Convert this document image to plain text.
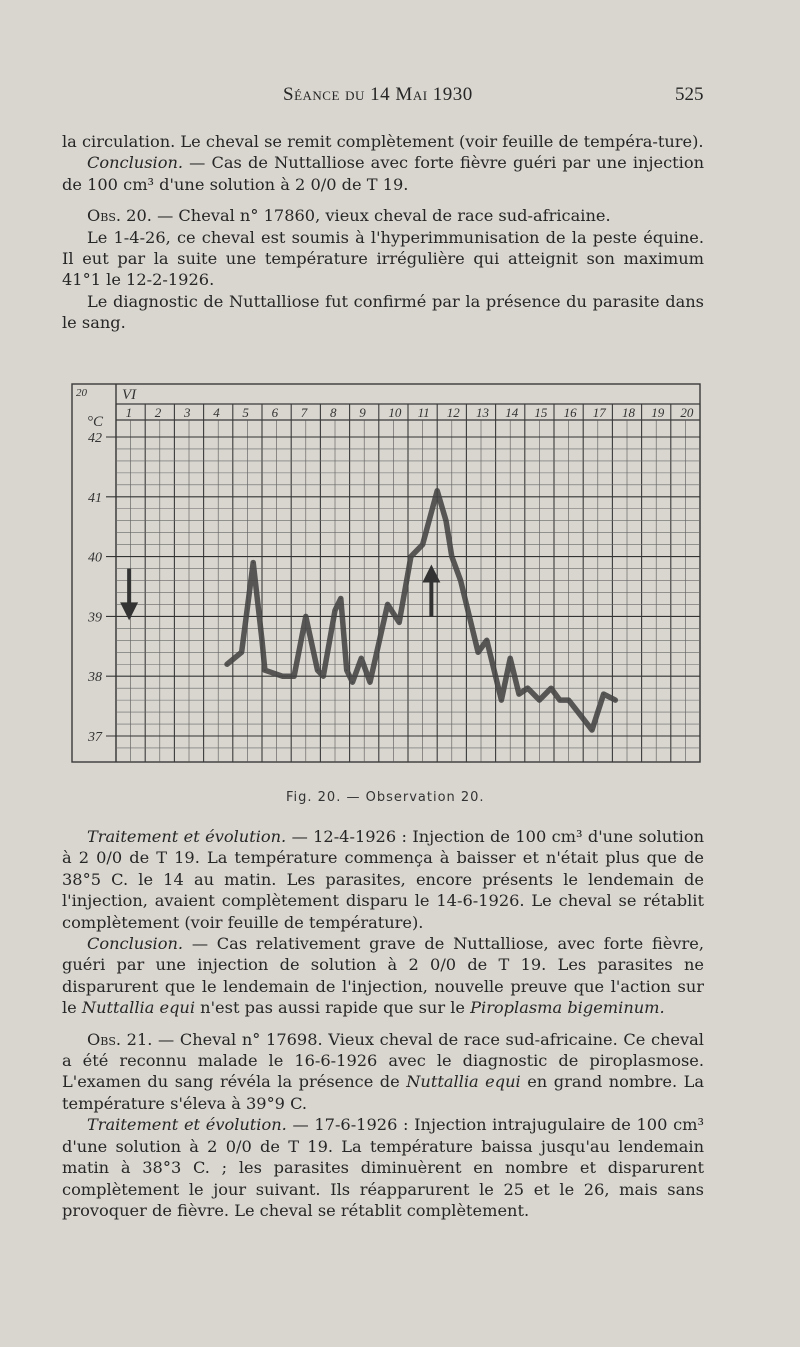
Séance du 14 Mai 1930	525

la circulation. Le cheval se remit complètement (voir feuille de tempéra-ture).

Conclusion. — Cas de Nuttalliose avec forte fièvre guéri par une injection de 100 cm³ d'une solution à 2 0/0 de T 19.

Obs. 20. — Cheval n° 17860, vieux cheval de race sud-africaine.

Le 1-4-26, ce cheval est soumis à l'hyperimmunisation de la peste équine. Il eut par la suite une température irrégulière qui atteignit son maximum 41°1 le 12-2-1926.

Le diagnostic de Nuttalliose fut confirmé par la présence du parasite dans le sang.

1 2 3 4 5 6 7 8 9 10 11 12 13 14 15 16 17 18 19 20
42
41
40
39
38
37
20 VI
°C
Fig. 20. — Observation 20.

Traitement et évolution. — 12-4-1926 : Injection de 100 cm³ d'une solution à 2 0/0 de T 19. La température commença à baisser et n'était plus que de 38°5 C. le 14 au matin. Les parasites, encore présents le lendemain de l'injection, avaient complètement disparu le 14-6-1926. Le cheval se rétablit complètement (voir feuille de température).

Conclusion. — Cas relativement grave de Nuttalliose, avec forte fièvre, guéri par une injection de solution à 2 0/0 de T 19. Les parasites ne disparurent que le lendemain de l'injection, nouvelle preuve que l'action sur le Nuttallia equi n'est pas aussi rapide que sur le Piroplasma bigeminum.

Obs. 21. — Cheval n° 17698. Vieux cheval de race sud-africaine. Ce cheval a été reconnu malade le 16-6-1926 avec le diagnostic de piroplasmose. L'examen du sang révéla la présence de Nuttallia equi en grand nombre. La température s'éleva à 39°9 C.

Traitement et évolution. — 17-6-1926 : Injection intrajugulaire de 100 cm³ d'une solution à 2 0/0 de T 19. La température baissa jusqu'au lendemain matin à 38°3 C. ; les parasites diminuèrent en nombre et disparurent complètement le jour suivant. Ils réapparurent le 25 et le 26, mais sans provoquer de fièvre. Le cheval se rétablit complètement.
